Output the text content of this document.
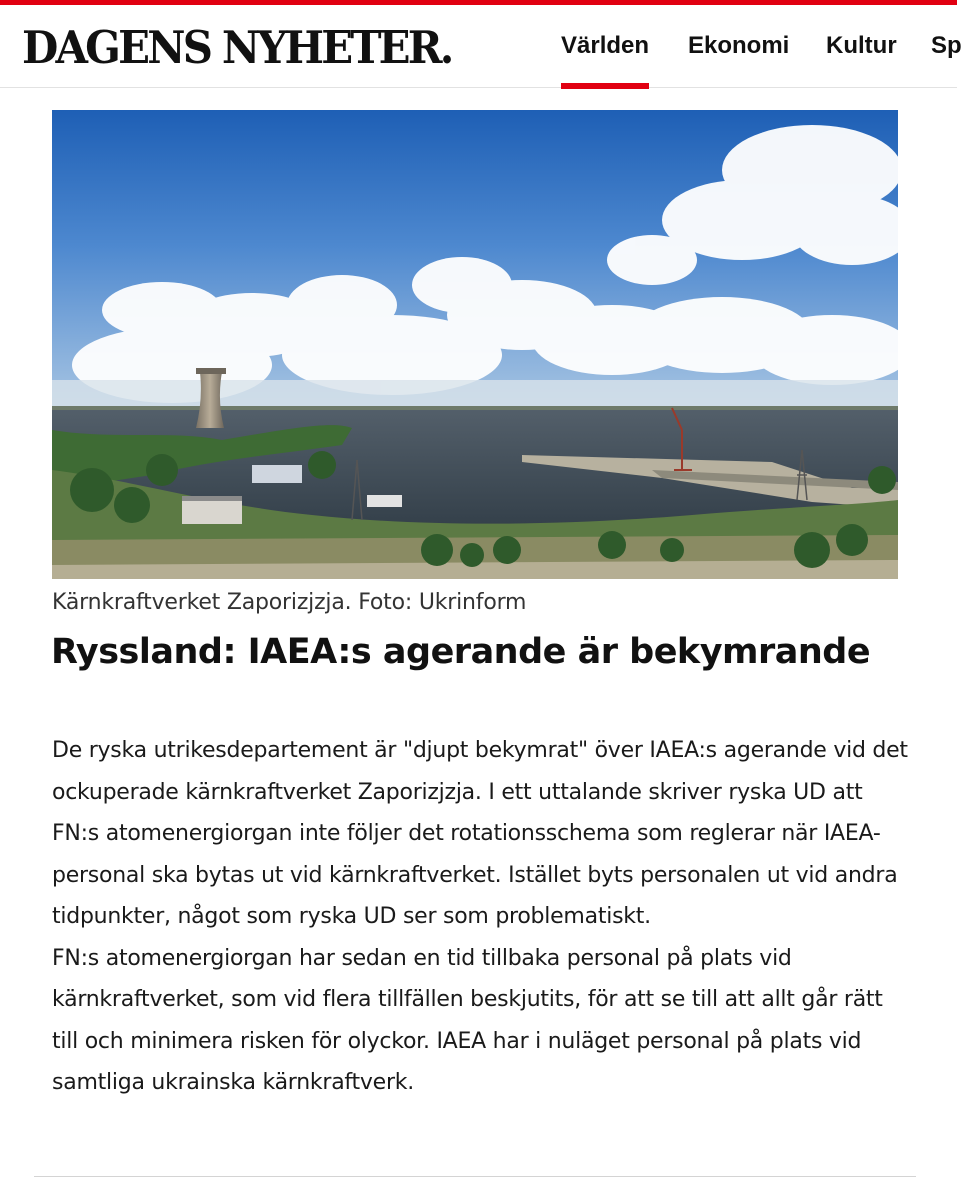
DAGENS NYHETER.	Världen Ekonomi Kultur Sp
Kärnkraftverket Zaporizjzja. Foto: Ukrinform
Ryssland: IAEA:s agerande är bekymrande

De ryska utrikesdepartement är "djupt bekymrat" över IAEA:s agerande vid det ockuperade kärnkraftverket Zaporizjzja. I ett uttalande skriver ryska UD att FN:s atomenergiorgan inte följer det rotationsschema som reglerar när IAEA-personal ska bytas ut vid kärnkraftverket. Istället byts personalen ut vid andra tidpunkter, något som ryska UD ser som problematiskt.

FN:s atomenergiorgan har sedan en tid tillbaka personal på plats vid kärnkraftverket, som vid flera tillfällen beskjutits, för att se till att allt går rätt till och minimera risken för olyckor. IAEA har i nuläget personal på plats vid samtliga ukrainska kärnkraftverk.
